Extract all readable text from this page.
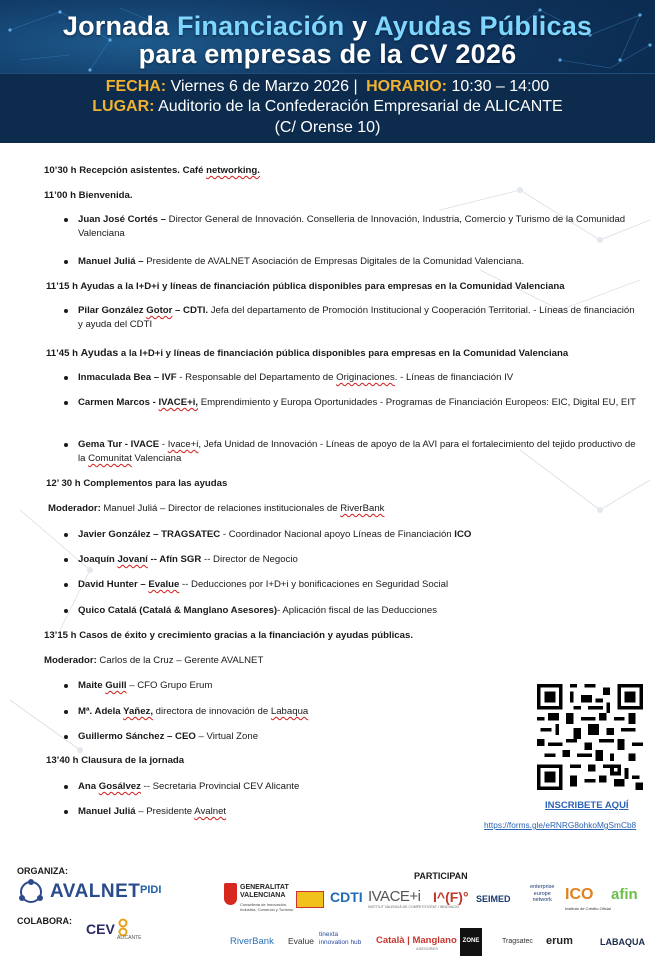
Jornada Financiación y Ayudas Públicas
para empresas de la CV 2026
FECHA: Viernes 6 de Marzo 2026 | HORARIO: 10:30 – 14:00
LUGAR: Auditorio de la Confederación Empresarial de ALICANTE
(C/ Orense 10)
10’30 h Recepción asistentes. Café networking.
11’00 h Bienvenida.
Juan José Cortés – Director General de Innovación. Conselleria de Innovación, Industria, Comercio y Turismo de la Comunidad Valenciana
Manuel Juliá – Presidente de AVALNET Asociación de Empresas Digitales de la Comunidad Valenciana.
11’15 h Ayudas a la I+D+i y líneas de financiación pública disponibles para empresas en la Comunidad Valenciana
Pilar González Gotor – CDTI. Jefa del departamento de Promoción Institucional y Cooperación Territorial. - Líneas de financiación y ayuda del CDTI
11’45 h Ayudas a la I+D+i y líneas de financiación pública disponibles para empresas en la Comunidad Valenciana
Inmaculada Bea – IVF - Responsable del Departamento de Originaciones. - Líneas de financiación IV
Carmen Marcos - IVACE+i, Emprendimiento y Europa Oportunidades - Programas de Financiación Europeos: EIC, Digital EU, EIT
Gema Tur - IVACE - Ivace+i, Jefa Unidad de Innovación - Líneas de apoyo de la AVI para el fortalecimiento del tejido productivo de la Comunitat Valenciana
12’ 30 h Complementos para las ayudas
Moderador: Manuel Juliá – Director de relaciones institucionales de RiverBank
Javier González – TRAGSATEC - Coordinador Nacional apoyo Líneas de Financiación ICO
Joaquín Jovaní -- Afín SGR -- Director de Negocio
David Hunter – Evalue -- Deducciones por I+D+i y bonificaciones en Seguridad Social
Quico Catalá (Catalá & Manglano Asesores)- Aplicación fiscal de las Deducciones
13’15 h Casos de éxito y crecimiento gracias a la financiación y ayudas públicas.
Moderador: Carlos de la Cruz – Gerente AVALNET
Maite Guill – CFO Grupo Erum
Mª. Adela Yañez, directora de innovación de Labaqua
Guillermo Sánchez – CEO – Virtual Zone
13’40 h Clausura de la jornada
Ana Gosálvez -- Secretaria Provincial CEV Alicante
Manuel Juliá – Presidente Avalnet
INSCRIBETE AQUÍ
https://forms.gle/eRNRG8ohkoMgSmCb8
ORGANIZA:
COLABORA:
PARTICIPAN
AVALNET PIDI
CEV
ALICANTE
GENERALITAT
VALENCIANA
Conselleria de Innovación, Industria, Comercio y Turismo
CDTI IVACE+i
INSTITUT VALENCIÀ DE COMPETITIVITAT I INNOVACIÓ
I^(F)° SEIMED
enterprise
europe
network ICO
Instituto de Crédito Oficial
afin
RiverBank Evalue
tinexta
innovation hub Català | Manglano
ASESORES
ZONE	Tragsatec erum	LABAQUA
